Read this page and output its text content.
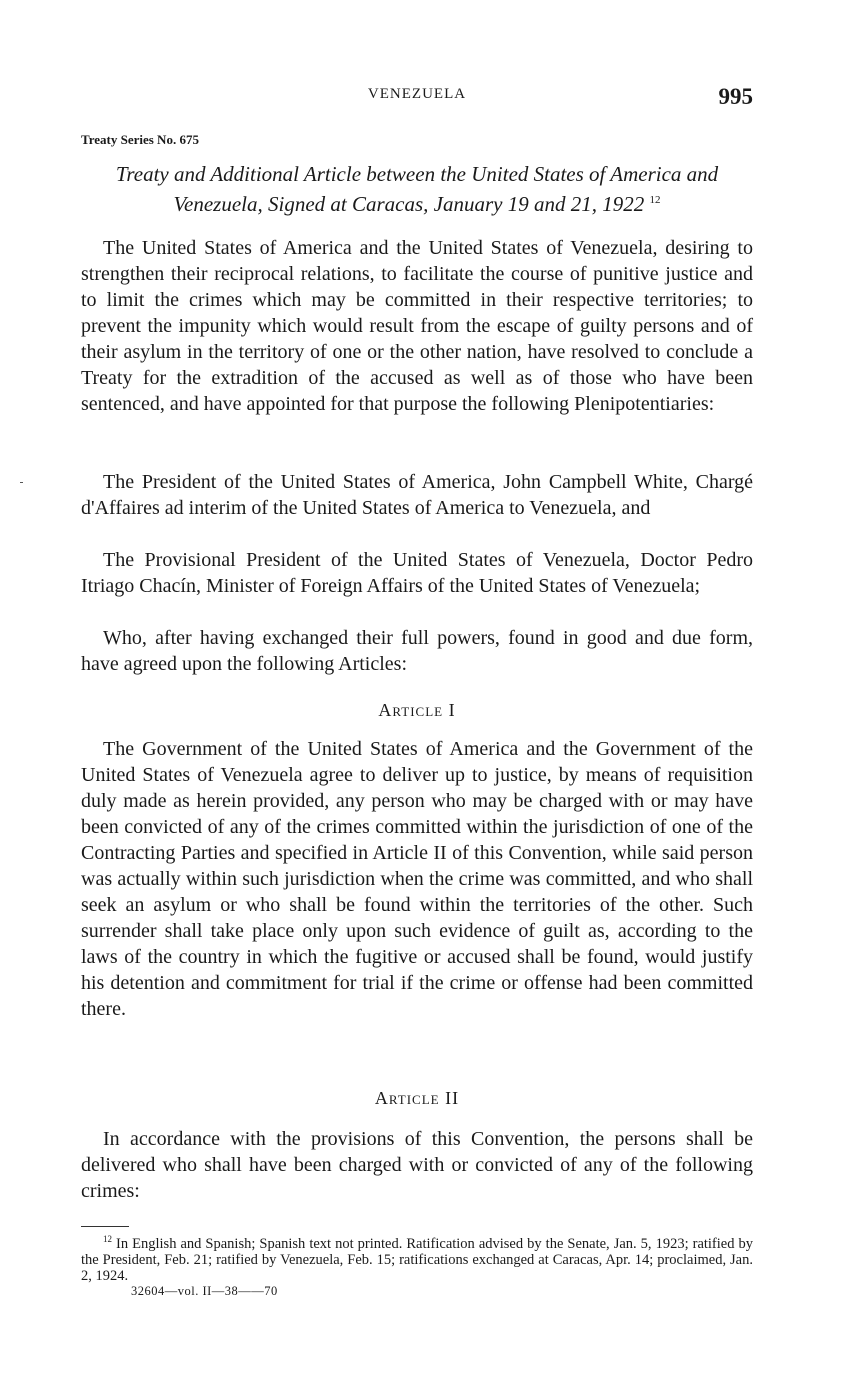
VENEZUELA	995
Treaty Series No. 675
Treaty and Additional Article between the United States of America and Venezuela, Signed at Caracas, January 19 and 21, 1922 $^{12}$

The United States of America and the United States of Venezuela, desiring to strengthen their reciprocal relations, to facilitate the course of punitive justice and to limit the crimes which may be committed in their respective territories; to prevent the impunity which would result from the escape of guilty persons and of their asylum in the territory of one or the other nation, have resolved to conclude a Treaty for the extradition of the accused as well as of those who have been sentenced, and have appointed for that purpose the following Plenipotentiaries:

The President of the United States of America, John Campbell White, Chargé d'Affaires ad interim of the United States of America to Venezuela, and

The Provisional President of the United States of Venezuela, Doctor Pedro Itriago Chacín, Minister of Foreign Affairs of the United States of Venezuela;

Who, after having exchanged their full powers, found in good and due form, have agreed upon the following Articles:

Article I

The Government of the United States of America and the Government of the United States of Venezuela agree to deliver up to justice, by means of requisition duly made as herein provided, any person who may be charged with or may have been convicted of any of the crimes committed within the jurisdiction of one of the Contracting Parties and specified in Article II of this Convention, while said person was actually within such jurisdiction when the crime was committed, and who shall seek an asylum or who shall be found within the territories of the other. Such surrender shall take place only upon such evidence of guilt as, according to the laws of the country in which the fugitive or accused shall be found, would justify his detention and commitment for trial if the crime or offense had been committed there.

Article II

In accordance with the provisions of this Convention, the persons shall be delivered who shall have been charged with or convicted of any of the following crimes:

$^{12}$ In English and Spanish; Spanish text not printed. Ratification advised by the Senate, Jan. 5, 1923; ratified by the President, Feb. 21; ratified by Venezuela, Feb. 15; ratifications exchanged at Caracas, Apr. 14; proclaimed, Jan. 2, 1924.

32604—vol. II—38——70
